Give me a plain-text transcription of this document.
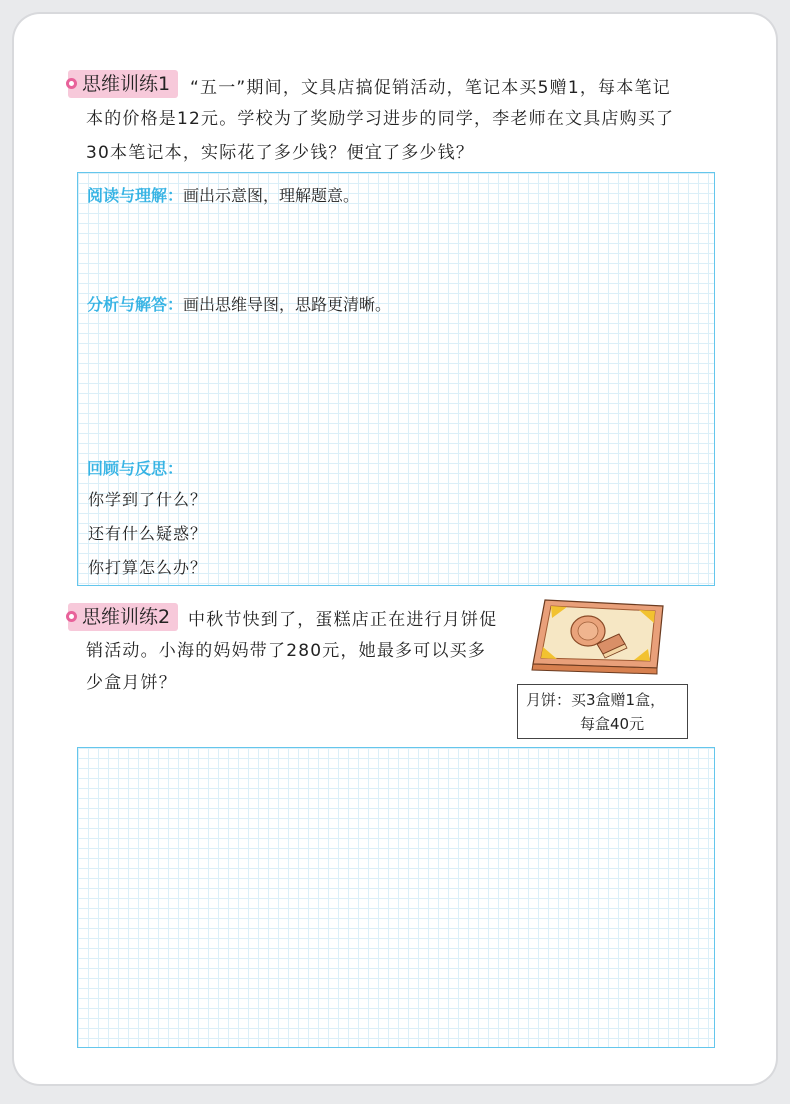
思维训练1	“五一”期间，文具店搞促销活动，笔记本买5赠1，每本笔记
本的价格是12元。学校为了奖励学习进步的同学，李老师在文具店购买了
30本笔记本，实际花了多少钱？便宜了多少钱？
阅读与理解：画出示意图，理解题意。
分析与解答：画出思维导图，思路更清晰。
回顾与反思：
你学到了什么？
还有什么疑惑？
你打算怎么办？
思维训练2	中秋节快到了，蛋糕店正在进行月饼促
销活动。小海的妈妈带了280元，她最多可以买多
少盒月饼？
月饼：买3盒赠1盒，
每盒40元
